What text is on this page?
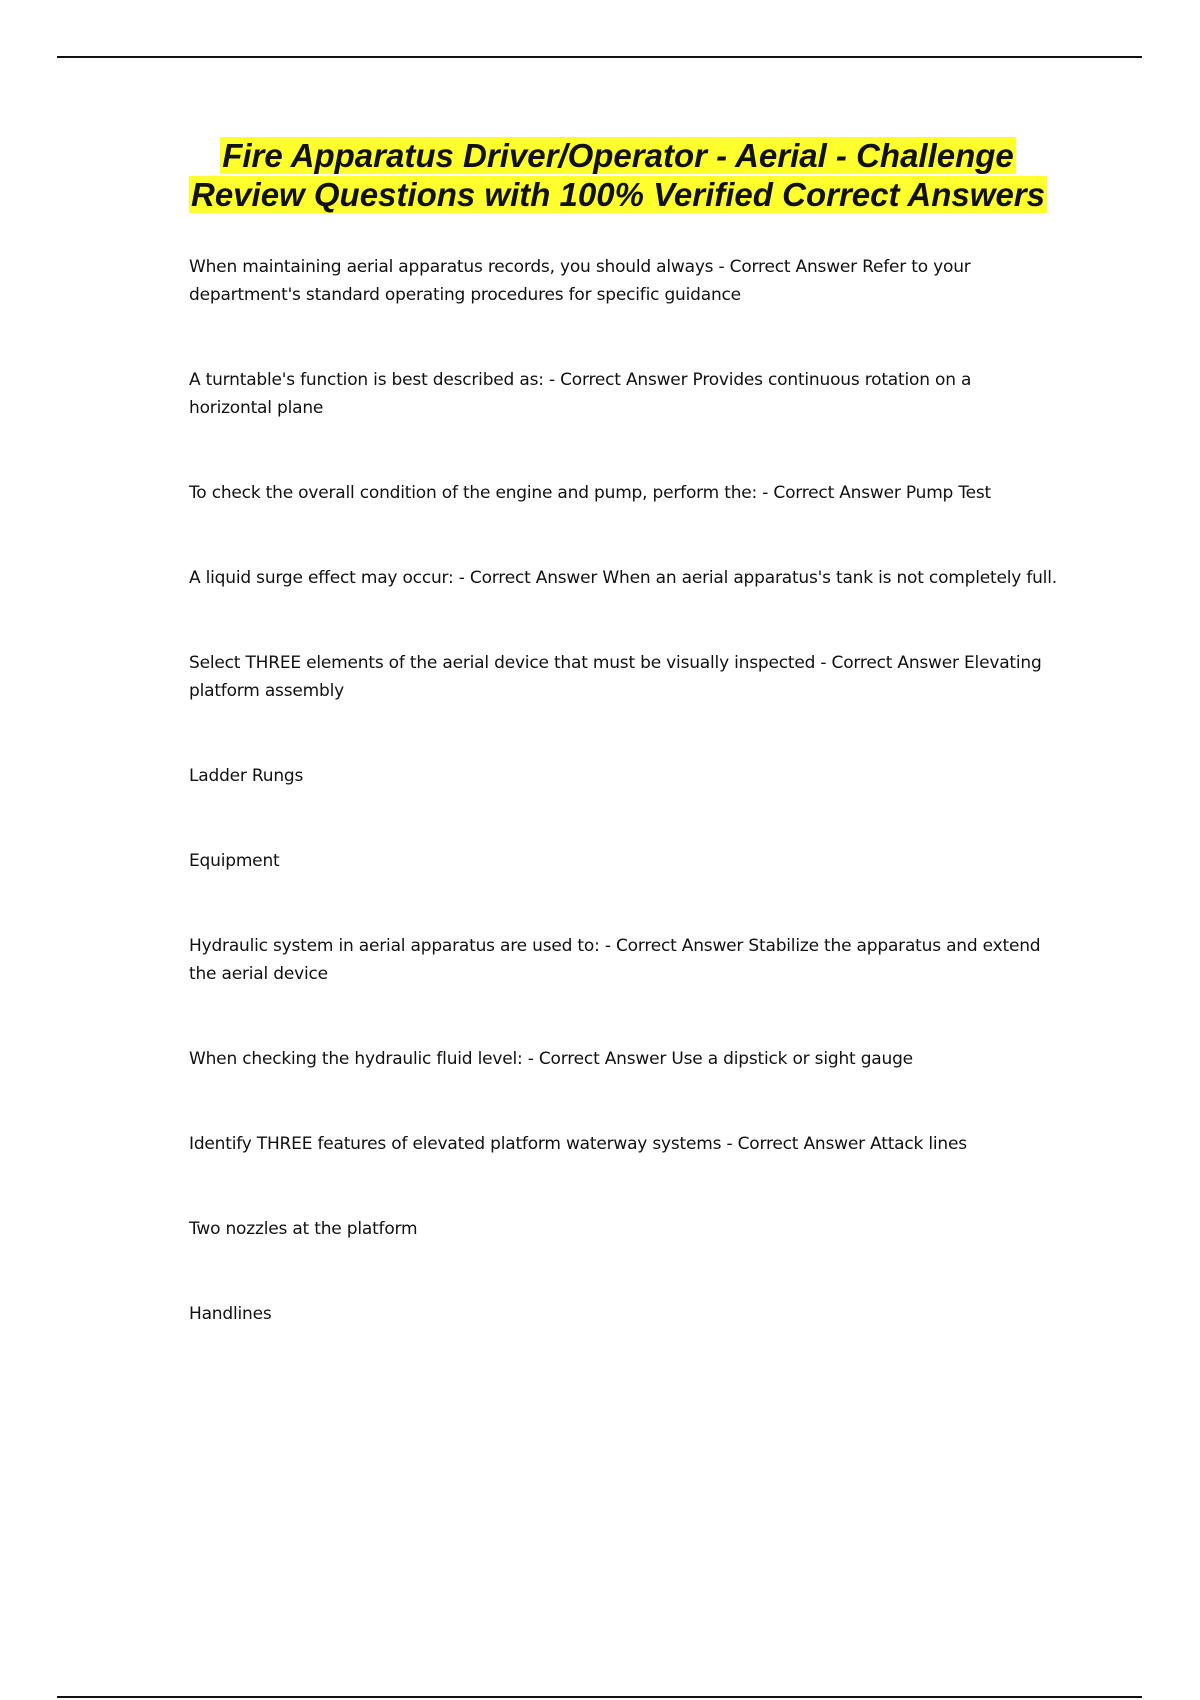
Fire Apparatus Driver/Operator - Aerial - Challenge Review Questions with 100% Verified Correct Answers

When maintaining aerial apparatus records, you should always - Correct Answer Refer to your department's standard operating procedures for specific guidance

A turntable's function is best described as: - Correct Answer Provides continuous rotation on a horizontal plane

To check the overall condition of the engine and pump, perform the: - Correct Answer Pump Test

A liquid surge effect may occur: - Correct Answer When an aerial apparatus's tank is not completely full.

Select THREE elements of the aerial device that must be visually inspected - Correct Answer Elevating platform assembly

Ladder Rungs

Equipment

Hydraulic system in aerial apparatus are used to: - Correct Answer Stabilize the apparatus and extend the aerial device

When checking the hydraulic fluid level: - Correct Answer Use a dipstick or sight gauge

Identify THREE features of elevated platform waterway systems - Correct Answer Attack lines

Two nozzles at the platform

Handlines
